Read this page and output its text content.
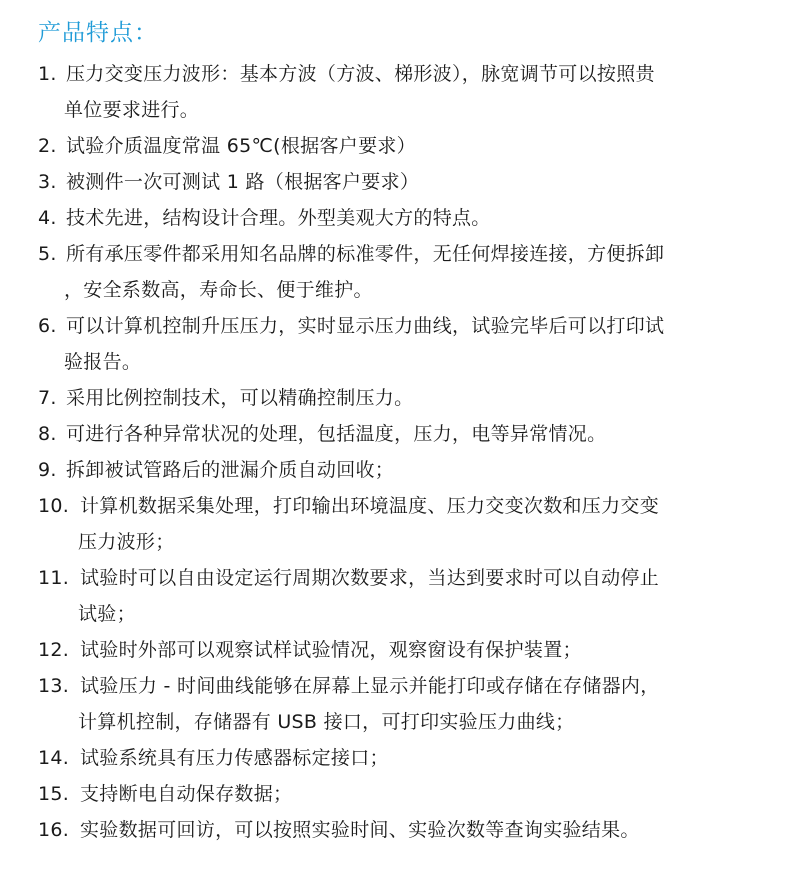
产品特点：
1. 压力交变压力波形：基本方波（方波、梯形波），脉宽调节可以按照贵
单位要求进行。
2. 试验介质温度常温 65℃(根据客户要求）
3. 被测件一次可测试 1 路（根据客户要求）
4. 技术先进，结构设计合理。外型美观大方的特点。
5. 所有承压零件都采用知名品牌的标准零件，无任何焊接连接，方便拆卸
，安全系数高，寿命长、便于维护。
6. 可以计算机控制升压压力，实时显示压力曲线，试验完毕后可以打印试
验报告。
7. 采用比例控制技术，可以精确控制压力。
8. 可进行各种异常状况的处理，包括温度，压力，电等异常情况。
9. 拆卸被试管路后的泄漏介质自动回收；
10. 计算机数据采集处理，打印输出环境温度、压力交变次数和压力交变
压力波形；
11. 试验时可以自由设定运行周期次数要求，当达到要求时可以自动停止
试验；
12. 试验时外部可以观察试样试验情况，观察窗设有保护装置；
13. 试验压力 - 时间曲线能够在屏幕上显示并能打印或存储在存储器内，
计算机控制，存储器有 USB 接口，可打印实验压力曲线；
14. 试验系统具有压力传感器标定接口；
15. 支持断电自动保存数据；
16. 实验数据可回访，可以按照实验时间、实验次数等查询实验结果。
